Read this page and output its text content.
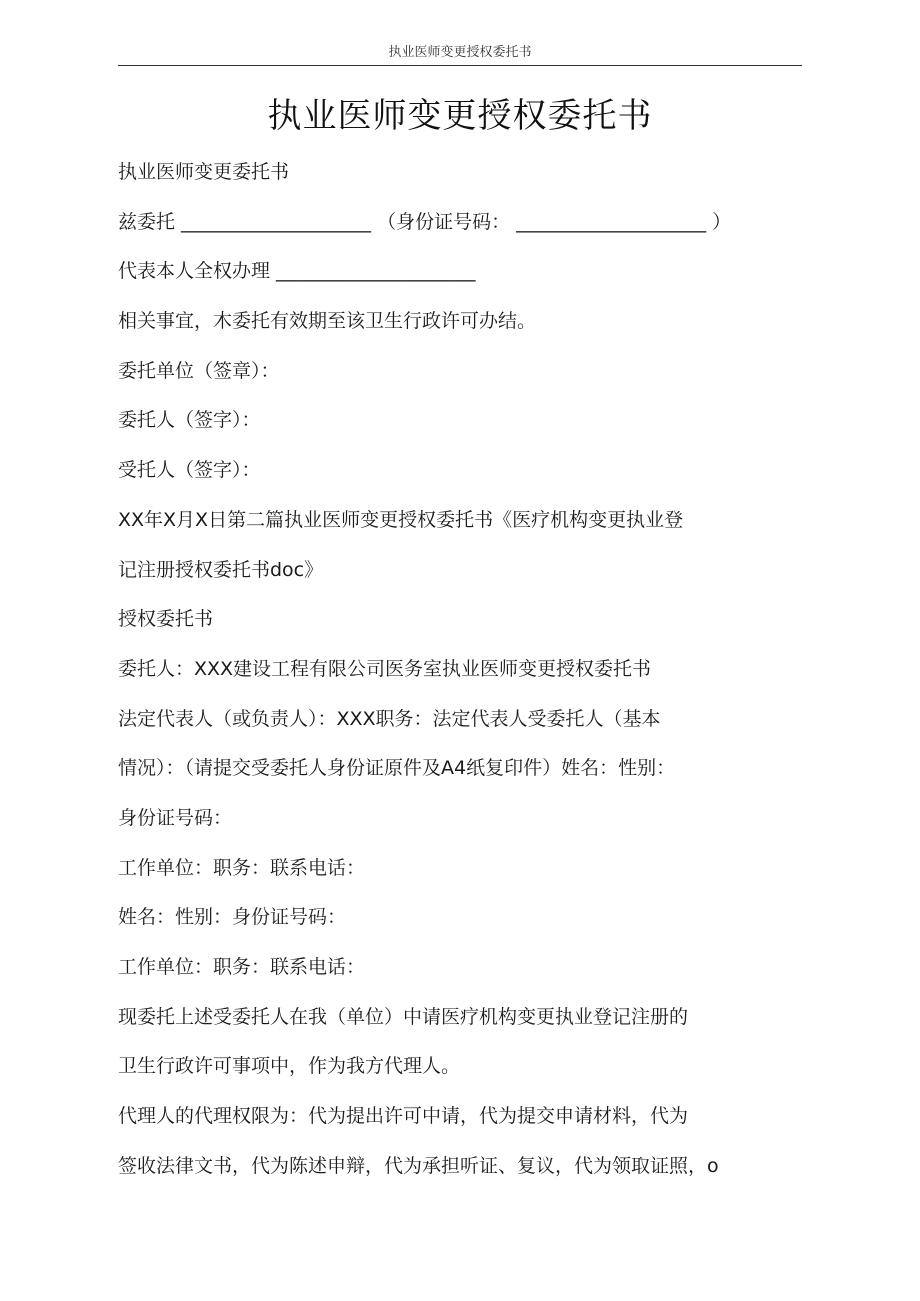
执业医师变更授权委托书
执业医师变更授权委托书
执业医师变更委托书
兹委托 ____________________ （身份证号码： ____________________ ）
代表本人全权办理 _____________________
相关事宜，木委托有效期至该卫生行政许可办结。
委托单位（签章）：
委托人（签字）：
受托人（签字）：
XX年X月X日第二篇执业医师变更授权委托书《医疗机构变更执业登
记注册授权委托书doc》
授权委托书
委托人：XXX建设工程有限公司医务室执业医师变更授权委托书
法定代表人（或负责人）：XXX职务：法定代表人受委托人（基本
情况）：（请提交受委托人身份证原件及A4纸复印件）姓名：性别：
身份证号码：
工作单位：职务：联系电话：
姓名：性别：身份证号码：
工作单位：职务：联系电话：
现委托上述受委托人在我（单位）中请医疗机构变更执业登记注册的
卫生行政许可事项中，作为我方代理人。
代理人的代理权限为：代为提出许可中请，代为提交申请材料，代为
签收法律文书，代为陈述申辩，代为承担听证、复议，代为领取证照，o
